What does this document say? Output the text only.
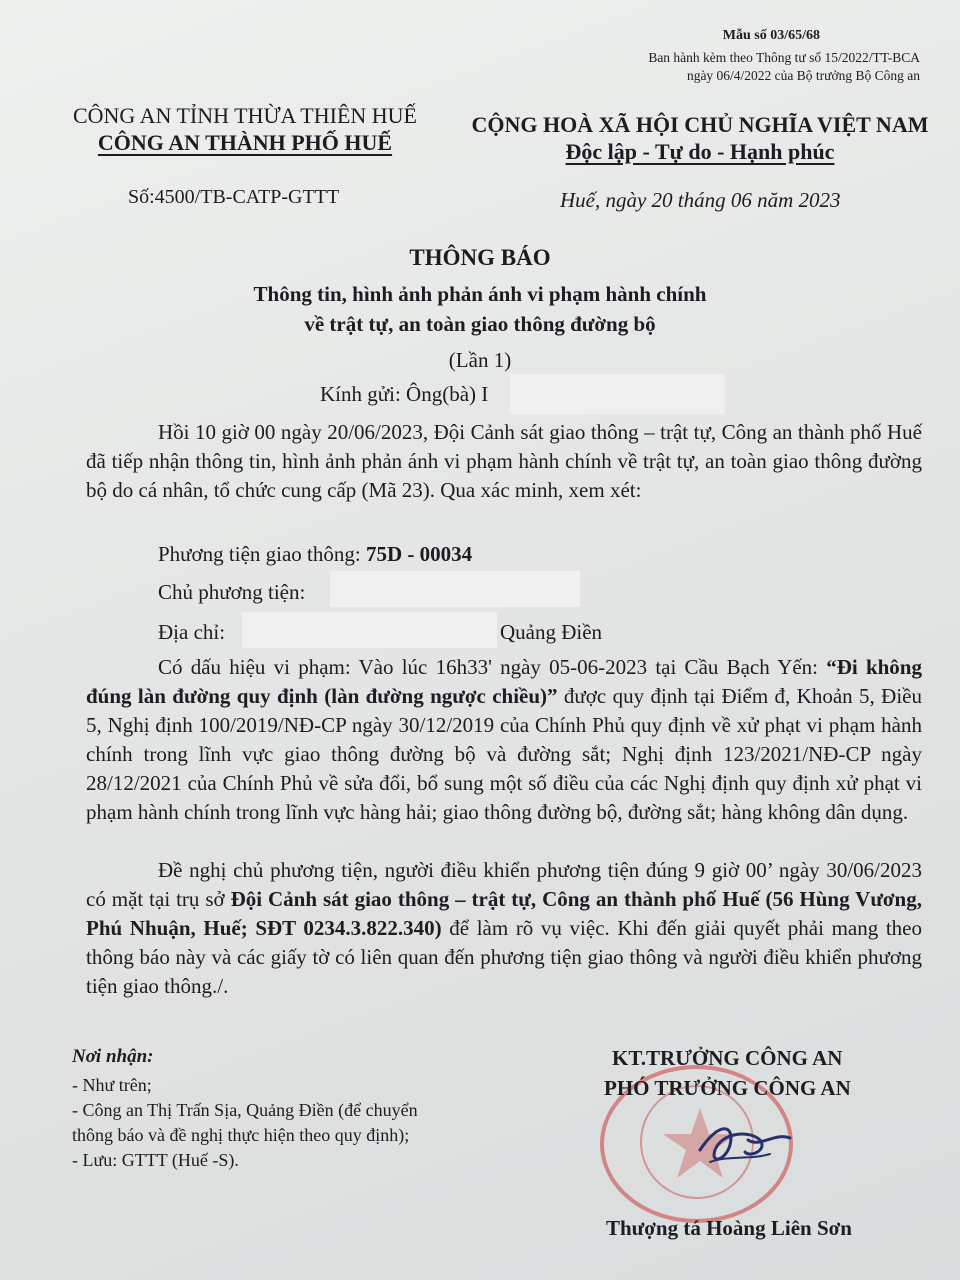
Mẫu số 03/65/68
Ban hành kèm theo Thông tư số 15/2022/TT-BCA
ngày 06/4/2022 của Bộ trưởng Bộ Công an
CÔNG AN TỈNH THỪA THIÊN HUẾ
CÔNG AN THÀNH PHỐ HUẾ
Số:4500/TB-CATP-GTTT
CỘNG HOÀ XÃ HỘI CHỦ NGHĨA VIỆT NAM
Độc lập - Tự do - Hạnh phúc
Huế, ngày 20 tháng 06 năm 2023
THÔNG BÁO
Thông tin, hình ảnh phản ánh vi phạm hành chính
về trật tự, an toàn giao thông đường bộ
(Lần 1)
Kính gửi: Ông(bà) I
Hồi 10 giờ 00 ngày 20/06/2023, Đội Cảnh sát giao thông – trật tự, Công an thành phố Huế đã tiếp nhận thông tin, hình ảnh phản ánh vi phạm hành chính về trật tự, an toàn giao thông đường bộ do cá nhân, tổ chức cung cấp (Mã 23). Qua xác minh, xem xét:
Phương tiện giao thông: 75D - 00034
Chủ phương tiện:
Địa chỉ:	Quảng Điền
Có dấu hiệu vi phạm: Vào lúc 16h33' ngày 05-06-2023 tại Cầu Bạch Yến: “Đi không đúng làn đường quy định (làn đường ngược chiều)” được quy định tại Điểm đ, Khoản 5, Điều 5, Nghị định 100/2019/NĐ-CP ngày 30/12/2019 của Chính Phủ quy định về xử phạt vi phạm hành chính trong lĩnh vực giao thông đường bộ và đường sắt; Nghị định 123/2021/NĐ-CP ngày 28/12/2021 của Chính Phủ về sửa đổi, bổ sung một số điều của các Nghị định quy định xử phạt vi phạm hành chính trong lĩnh vực hàng hải; giao thông đường bộ, đường sắt; hàng không dân dụng.
Đề nghị chủ phương tiện, người điều khiển phương tiện đúng 9 giờ 00’ ngày 30/06/2023 có mặt tại trụ sở Đội Cảnh sát giao thông – trật tự, Công an thành phố Huế (56 Hùng Vương, Phú Nhuận, Huế; SĐT 0234.3.822.340) để làm rõ vụ việc. Khi đến giải quyết phải mang theo thông báo này và các giấy tờ có liên quan đến phương tiện giao thông và người điều khiển phương tiện giao thông./.
Nơi nhận:
- Như trên;
- Công an Thị Trấn Sịa, Quảng Điền (để chuyển
thông báo và đề nghị thực hiện theo quy định);
- Lưu: GTTT (Huế -S).
KT.TRƯỞNG CÔNG AN
PHÓ TRƯỞNG CÔNG AN
Thượng tá Hoàng Liên Sơn
